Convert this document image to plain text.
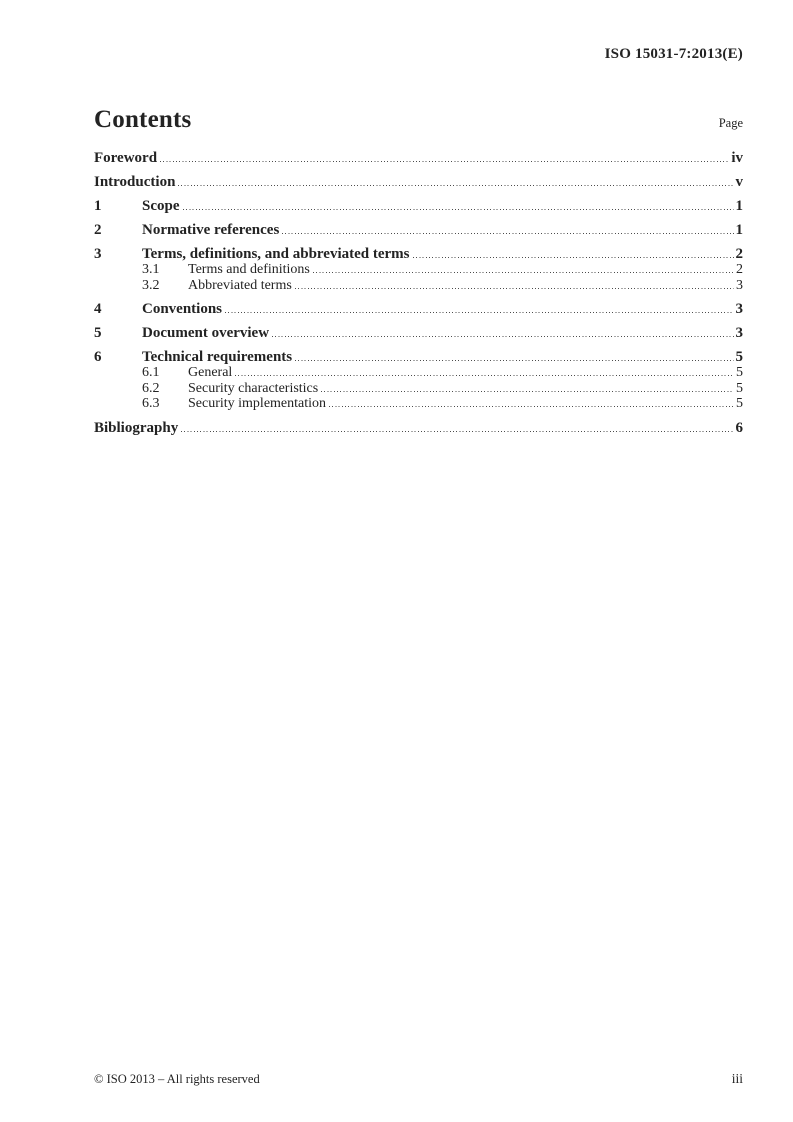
ISO 15031-7:2013(E)
Contents	Page
Foreword	iv
Introduction	v
1	Scope	1
2	Normative references	1
3	Terms, definitions, and abbreviated terms	2
3.1	Terms and definitions	2
3.2	Abbreviated terms	3
4	Conventions	3
5	Document overview	3
6	Technical requirements	5
6.1	General	5
6.2	Security characteristics	5
6.3	Security implementation	5
Bibliography	6
© ISO 2013 – All rights reserved	iii
